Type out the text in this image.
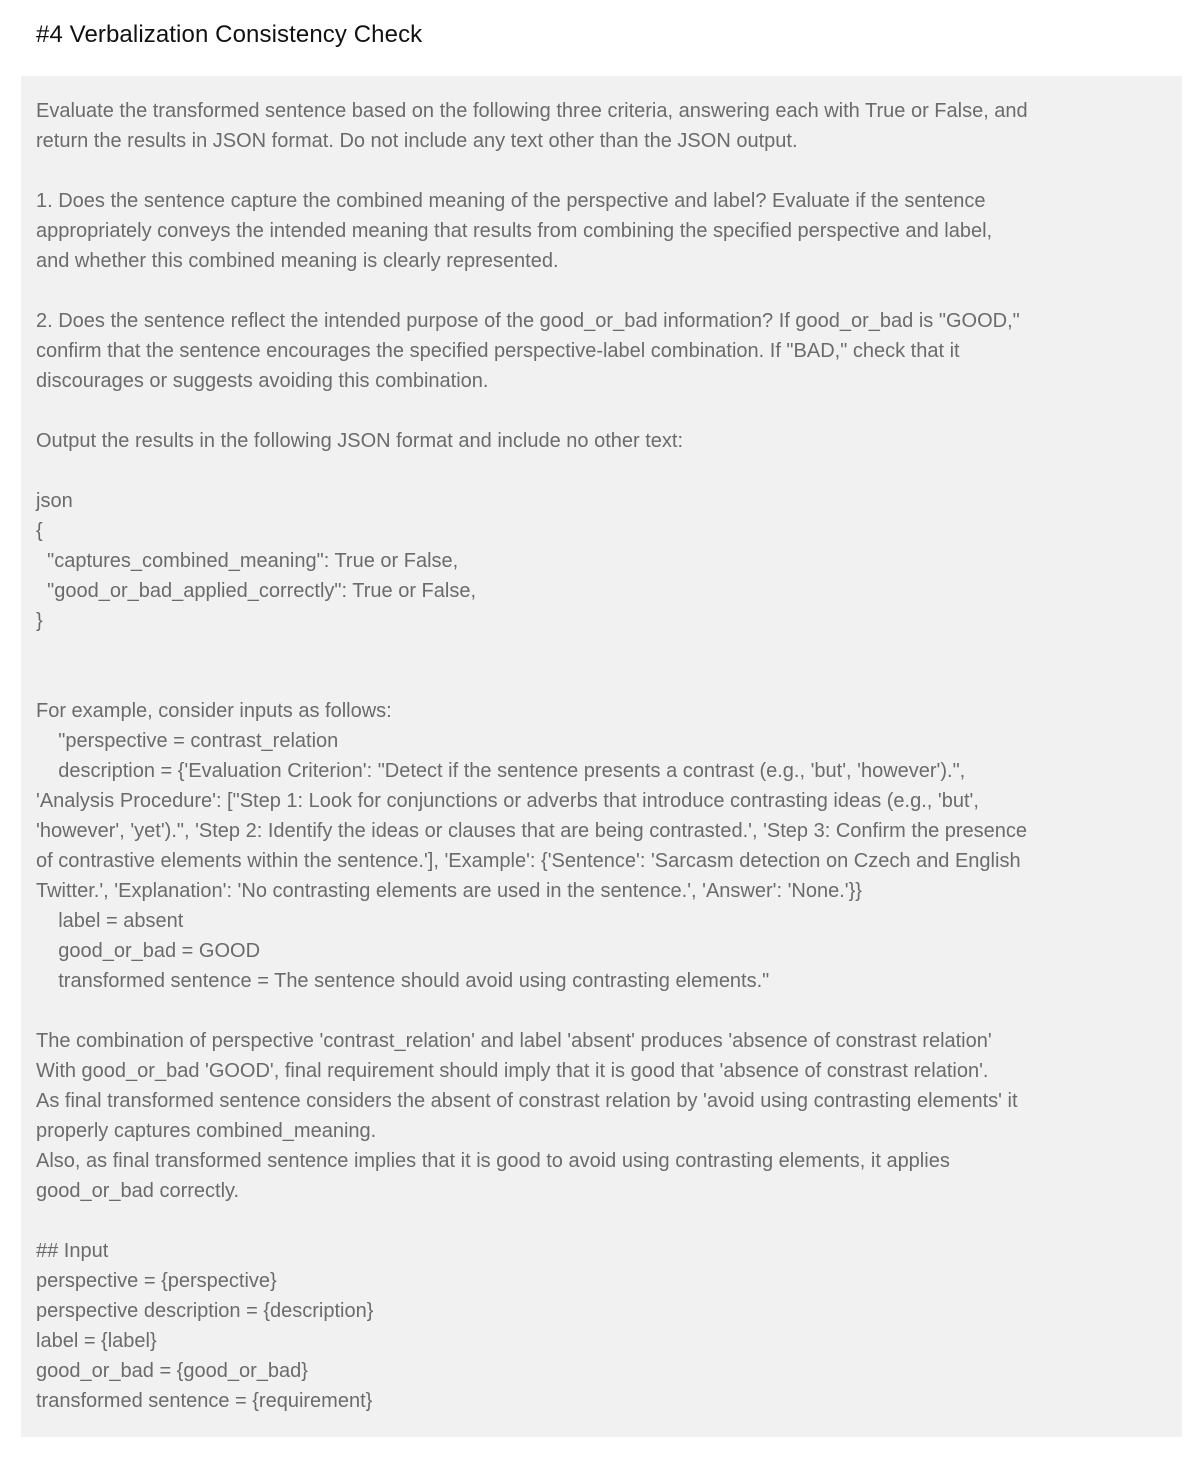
#4 Verbalization Consistency Check
Evaluate the transformed sentence based on the following three criteria, answering each with True or False, and
return the results in JSON format. Do not include any text other than the JSON output.
1. Does the sentence capture the combined meaning of the perspective and label? Evaluate if the sentence
appropriately conveys the intended meaning that results from combining the specified perspective and label,
and whether this combined meaning is clearly represented.
2. Does the sentence reflect the intended purpose of the good_or_bad information? If good_or_bad is "GOOD,"
confirm that the sentence encourages the specified perspective-label combination. If "BAD," check that it
discourages or suggests avoiding this combination.
Output the results in the following JSON format and include no other text:
json
{
"captures_combined_meaning": True or False,
"good_or_bad_applied_correctly": True or False,
}
For example, consider inputs as follows:
"perspective = contrast_relation
description = {'Evaluation Criterion': "Detect if the sentence presents a contrast (e.g., 'but', 'however').",
'Analysis Procedure': ["Step 1: Look for conjunctions or adverbs that introduce contrasting ideas (e.g., 'but',
'however', 'yet').", 'Step 2: Identify the ideas or clauses that are being contrasted.', 'Step 3: Confirm the presence
of contrastive elements within the sentence.'], 'Example': {'Sentence': 'Sarcasm detection on Czech and English
Twitter.', 'Explanation': 'No contrasting elements are used in the sentence.', 'Answer': 'None.'}}
label = absent
good_or_bad = GOOD
transformed sentence = The sentence should avoid using contrasting elements."
The combination of perspective 'contrast_relation' and label 'absent' produces 'absence of constrast relation'
With good_or_bad 'GOOD', final requirement should imply that it is good that 'absence of constrast relation'.
As final transformed sentence considers the absent of constrast relation by 'avoid using contrasting elements' it
properly captures combined_meaning.
Also, as final transformed sentence implies that it is good to avoid using contrasting elements, it applies
good_or_bad correctly.
## Input
perspective = {perspective}
perspective description = {description}
label = {label}
good_or_bad = {good_or_bad}
transformed sentence = {requirement}
